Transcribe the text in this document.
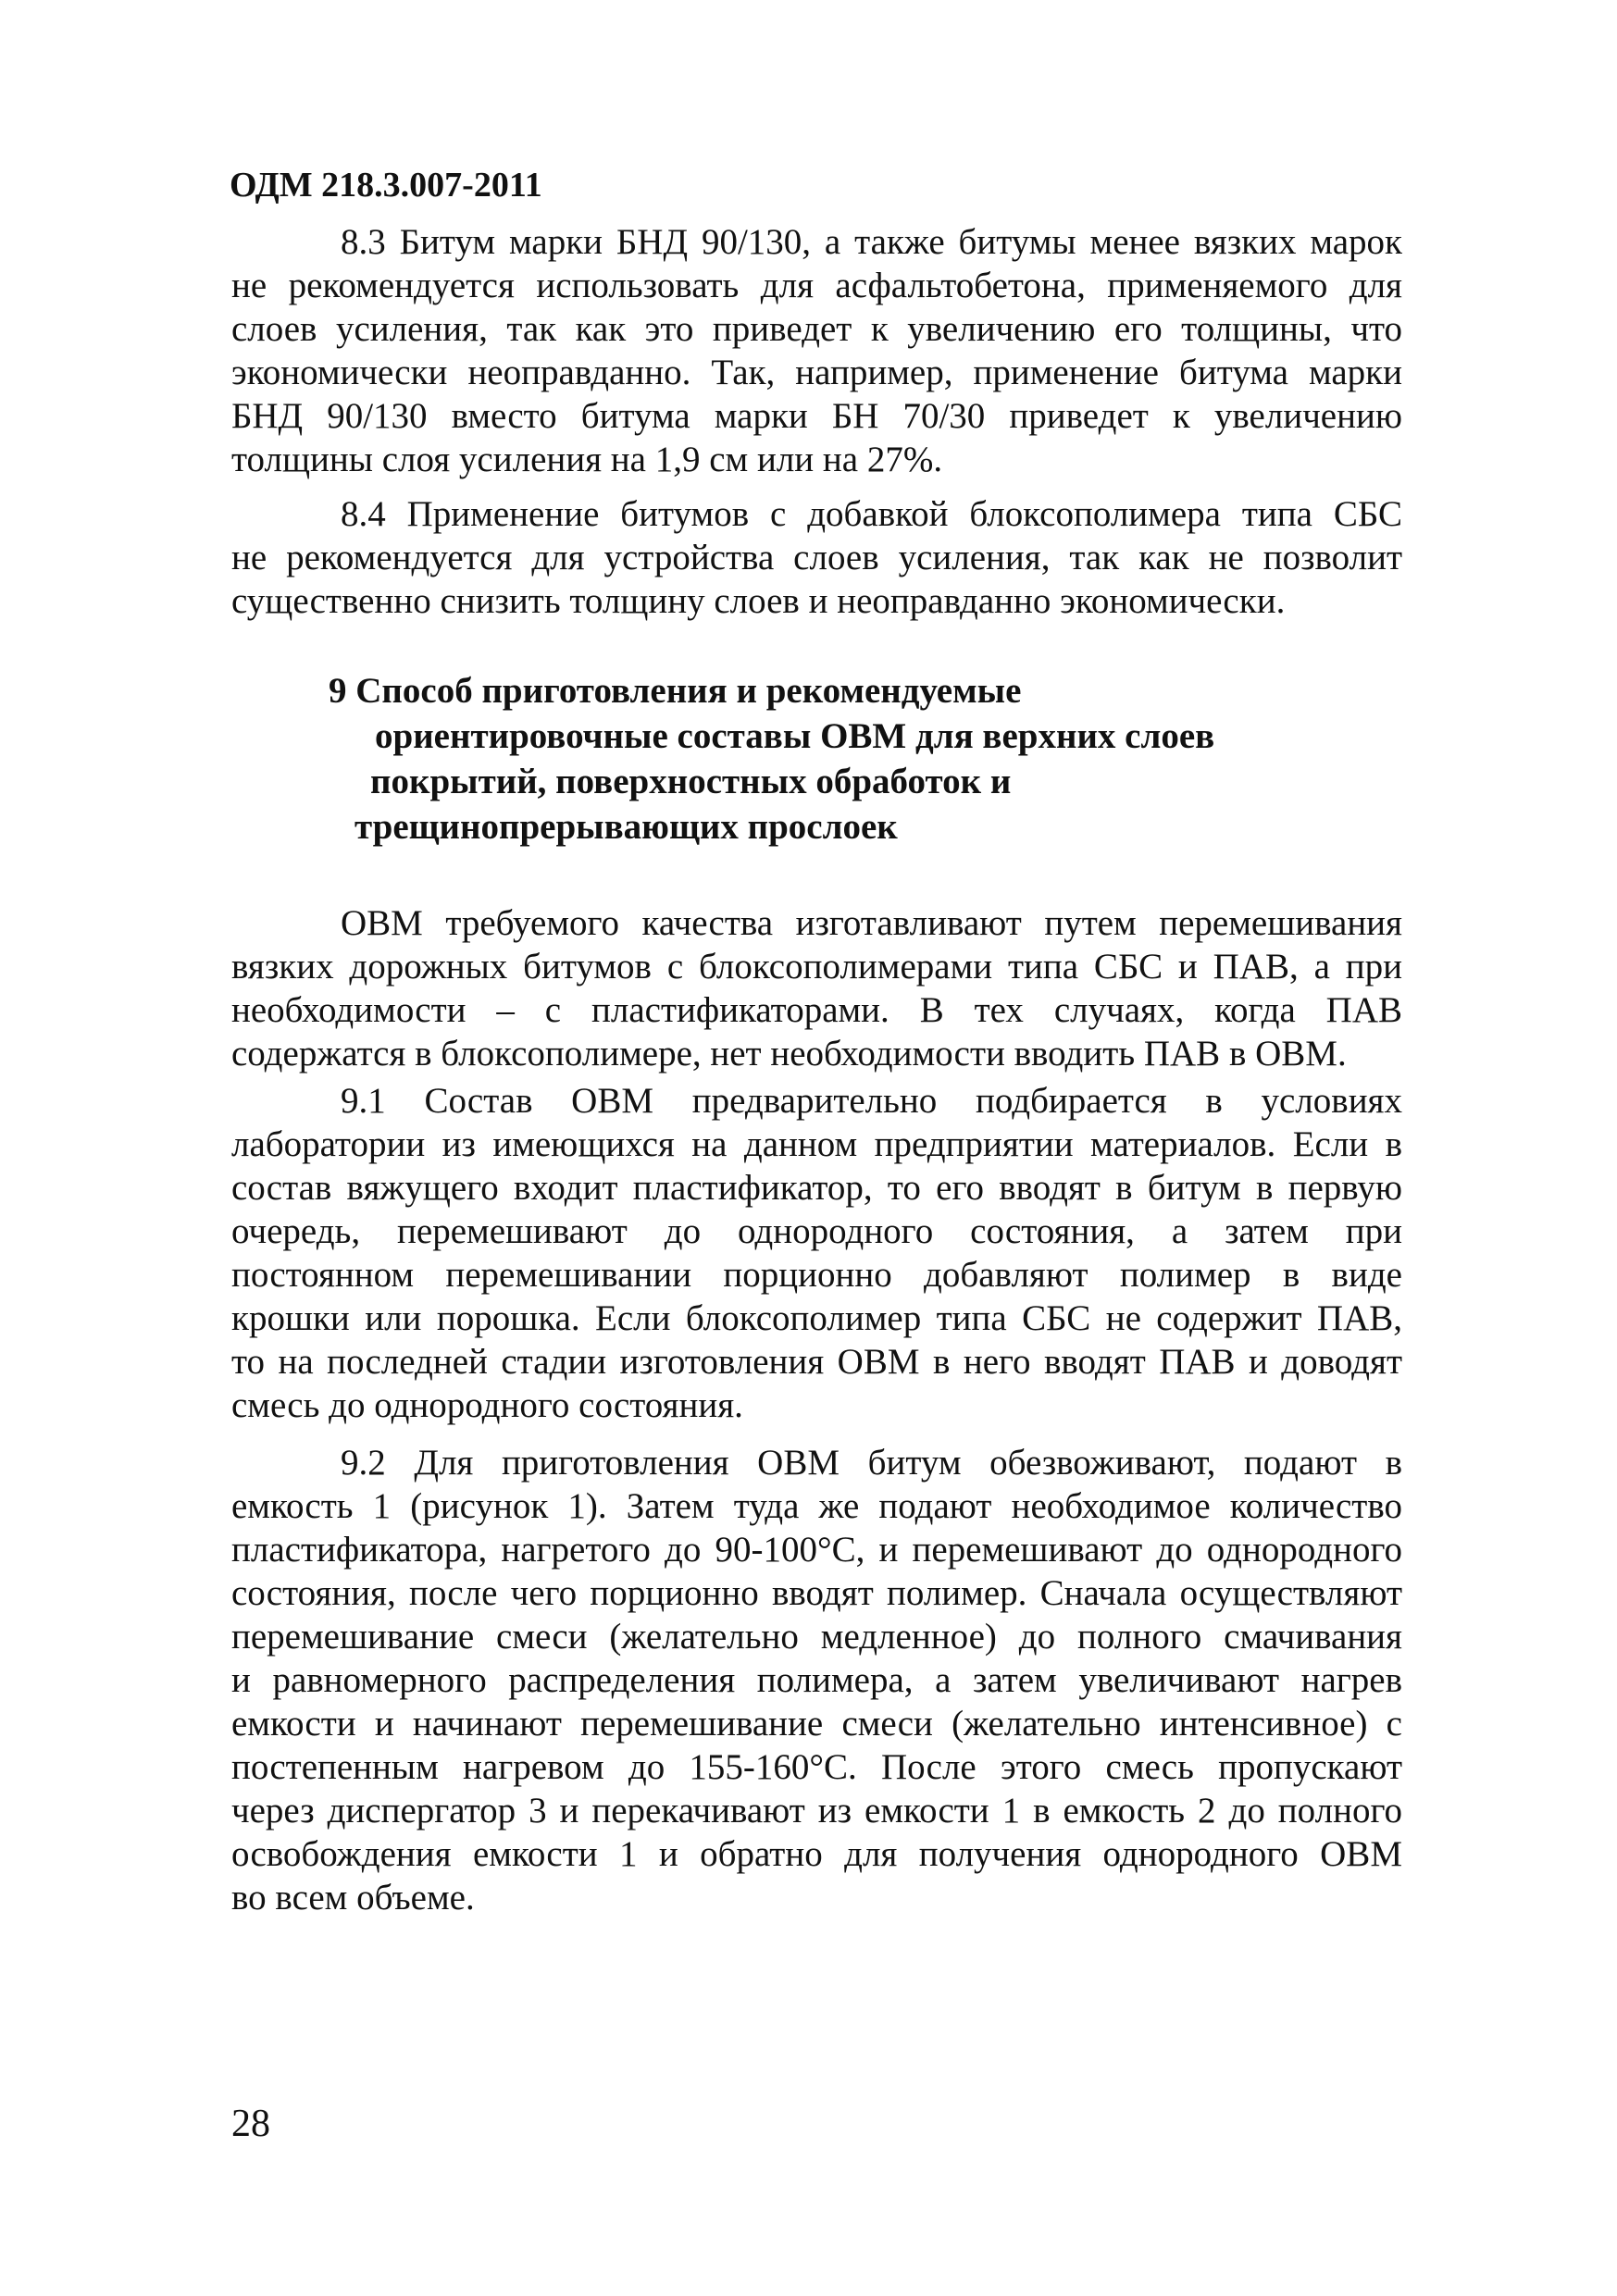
ОДМ 218.3.007-2011
8.3 Битум марки БНД 90/130, а также битумы менее вязких марок
не рекомендуется использовать для асфальтобетона, применяемого для
слоев усиления, так как это приведет к увеличению его толщины, что
экономически неоправданно. Так, например, применение битума марки
БНД 90/130 вместо битума марки БН 70/30 приведет к увеличению
толщины слоя усиления на 1,9 см или на 27%.
8.4 Применение битумов с добавкой блоксополимера типа СБС
не рекомендуется для устройства слоев усиления, так как не позволит
существенно снизить толщину слоев и неоправданно экономически.
9 Способ приготовления и рекомендуемые
ориентировочные составы ОВМ для верхних слоев
покрытий, поверхностных обработок и
трещинопрерывающих прослоек
ОВМ требуемого качества изготавливают путем перемешивания
вязких дорожных битумов с блоксополимерами типа СБС и ПАВ, а при
необходимости – с пластификаторами. В тех случаях, когда ПАВ
содержатся в блоксополимере, нет необходимости вводить ПАВ в ОВМ.
9.1 Состав ОВМ предварительно подбирается в условиях
лаборатории из имеющихся на данном предприятии материалов. Если в
состав вяжущего входит пластификатор, то его вводят в битум в первую
очередь, перемешивают до однородного состояния, а затем при
постоянном перемешивании порционно добавляют полимер в виде
крошки или порошка. Если блоксополимер типа СБС не содержит ПАВ,
то на последней стадии изготовления ОВМ в него вводят ПАВ и доводят
смесь до однородного состояния.
9.2 Для приготовления ОВМ битум обезвоживают, подают в
емкость 1 (рисунок 1). Затем туда же подают необходимое количество
пластификатора, нагретого до 90-100°С, и перемешивают до однородного
состояния, после чего порционно вводят полимер. Сначала осуществляют
перемешивание смеси (желательно медленное) до полного смачивания
и равномерного распределения полимера, а затем увеличивают нагрев
емкости и начинают перемешивание смеси (желательно интенсивное) с
постепенным нагревом до 155-160°С. После этого смесь пропускают
через диспергатор 3 и перекачивают из емкости 1 в емкость 2 до полного
освобождения емкости 1 и обратно для получения однородного ОВМ
во всем объеме.
28
